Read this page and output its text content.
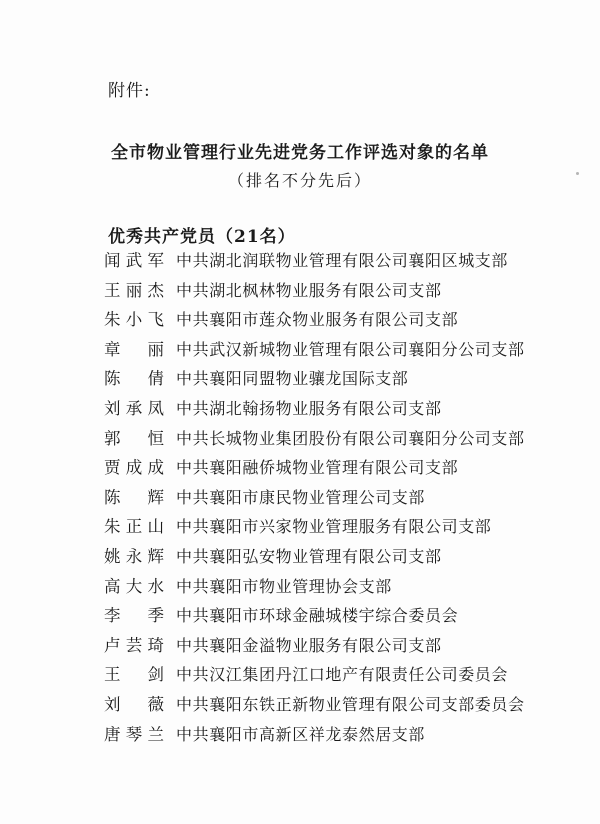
附件:
全市物业管理行业先进党务工作评选对象的名单
（排名不分先后）
优秀共产党员（21名）
闻武军 中共湖北润联物业管理有限公司襄阳区城支部
王丽杰 中共湖北枫林物业服务有限公司支部
朱小飞 中共襄阳市莲众物业服务有限公司支部
章丽 中共武汉新城物业管理有限公司襄阳分公司支部
陈倩 中共襄阳同盟物业骧龙国际支部
刘承凤 中共湖北翰扬物业服务有限公司支部
郭恒 中共长城物业集团股份有限公司襄阳分公司支部
贾成成 中共襄阳融侨城物业管理有限公司支部
陈辉 中共襄阳市康民物业管理公司支部
朱正山 中共襄阳市兴家物业管理服务有限公司支部
姚永辉 中共襄阳弘安物业管理有限公司支部
高大水 中共襄阳市物业管理协会支部
李季 中共襄阳市环球金融城楼宇综合委员会
卢芸琦 中共襄阳金溢物业服务有限公司支部
王剑 中共汉江集团丹江口地产有限责任公司委员会
刘薇 中共襄阳东铁正新物业管理有限公司支部委员会
唐琴兰 中共襄阳市高新区祥龙泰然居支部
